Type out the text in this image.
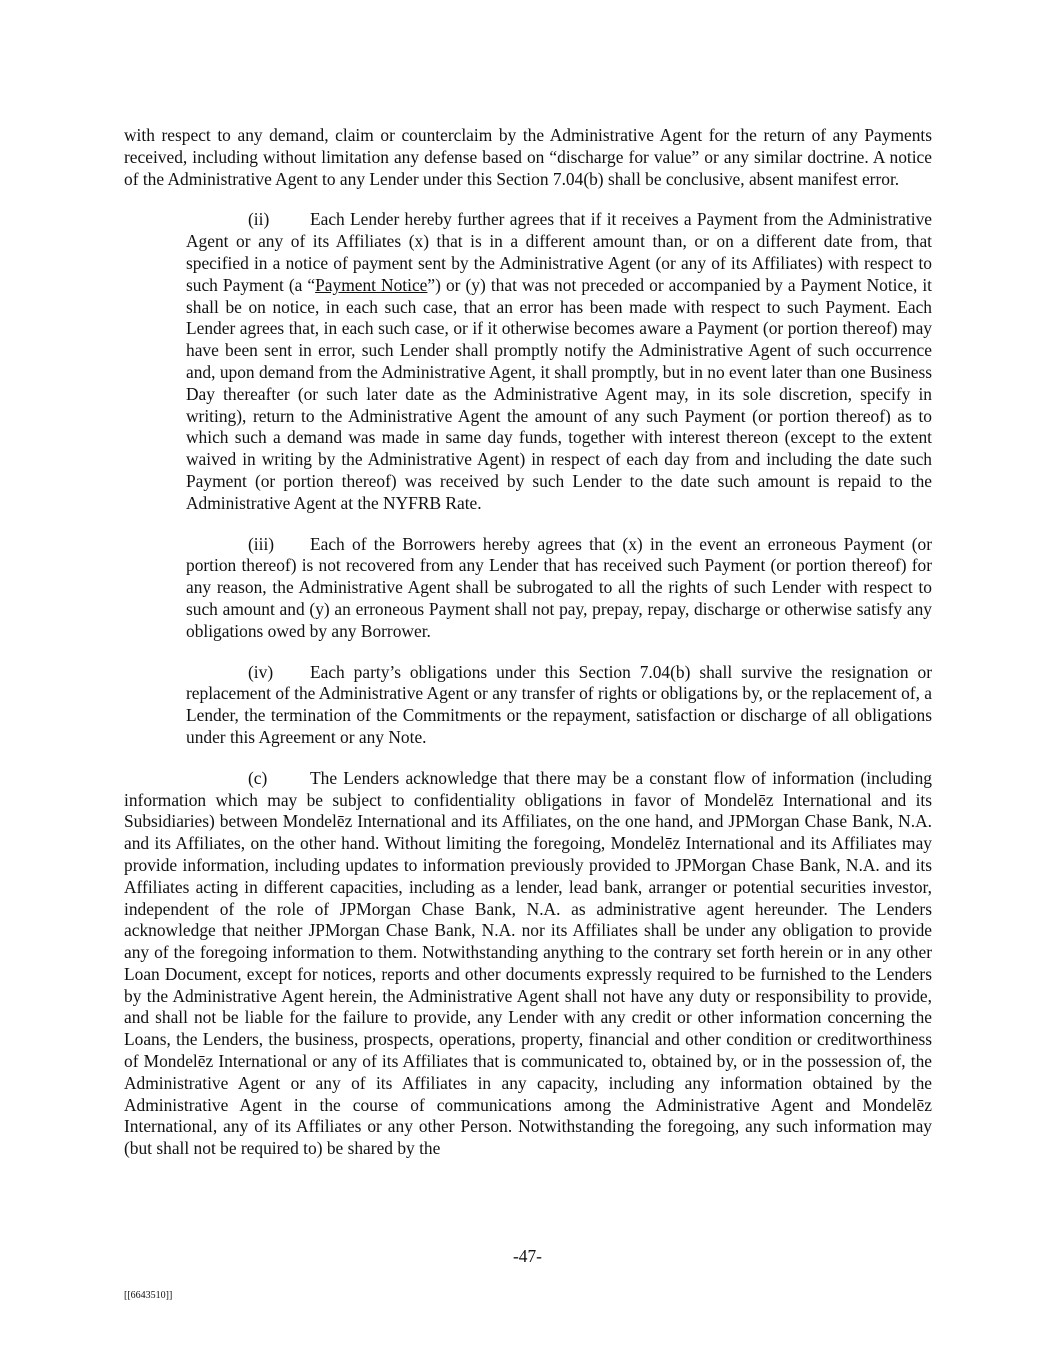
with respect to any demand, claim or counterclaim by the Administrative Agent for the return of any Payments received, including without limitation any defense based on “discharge for value” or any similar doctrine. A notice of the Administrative Agent to any Lender under this Section 7.04(b) shall be conclusive, absent manifest error.

(ii) Each Lender hereby further agrees that if it receives a Payment from the Administrative Agent or any of its Affiliates (x) that is in a different amount than, or on a different date from, that specified in a notice of payment sent by the Administrative Agent (or any of its Affiliates) with respect to such Payment (a “Payment Notice”) or (y) that was not preceded or accompanied by a Payment Notice, it shall be on notice, in each such case, that an error has been made with respect to such Payment. Each Lender agrees that, in each such case, or if it otherwise becomes aware a Payment (or portion thereof) may have been sent in error, such Lender shall promptly notify the Administrative Agent of such occurrence and, upon demand from the Administrative Agent, it shall promptly, but in no event later than one Business Day thereafter (or such later date as the Administrative Agent may, in its sole discretion, specify in writing), return to the Administrative Agent the amount of any such Payment (or portion thereof) as to which such a demand was made in same day funds, together with interest thereon (except to the extent waived in writing by the Administrative Agent) in respect of each day from and including the date such Payment (or portion thereof) was received by such Lender to the date such amount is repaid to the Administrative Agent at the NYFRB Rate.

(iii) Each of the Borrowers hereby agrees that (x) in the event an erroneous Payment (or portion thereof) is not recovered from any Lender that has received such Payment (or portion thereof) for any reason, the Administrative Agent shall be subrogated to all the rights of such Lender with respect to such amount and (y) an erroneous Payment shall not pay, prepay, repay, discharge or otherwise satisfy any obligations owed by any Borrower.

(iv) Each party’s obligations under this Section 7.04(b) shall survive the resignation or replacement of the Administrative Agent or any transfer of rights or obligations by, or the replacement of, a Lender, the termination of the Commitments or the repayment, satisfaction or discharge of all obligations under this Agreement or any Note.

(c) The Lenders acknowledge that there may be a constant flow of information (including information which may be subject to confidentiality obligations in favor of Mondelēz International and its Subsidiaries) between Mondelēz International and its Affiliates, on the one hand, and JPMorgan Chase Bank, N.A. and its Affiliates, on the other hand. Without limiting the foregoing, Mondelēz International and its Affiliates may provide information, including updates to information previously provided to JPMorgan Chase Bank, N.A. and its Affiliates acting in different capacities, including as a lender, lead bank, arranger or potential securities investor, independent of the role of JPMorgan Chase Bank, N.A. as administrative agent hereunder. The Lenders acknowledge that neither JPMorgan Chase Bank, N.A. nor its Affiliates shall be under any obligation to provide any of the foregoing information to them. Notwithstanding anything to the contrary set forth herein or in any other Loan Document, except for notices, reports and other documents expressly required to be furnished to the Lenders by the Administrative Agent herein, the Administrative Agent shall not have any duty or responsibility to provide, and shall not be liable for the failure to provide, any Lender with any credit or other information concerning the Loans, the Lenders, the business, prospects, operations, property, financial and other condition or creditworthiness of Mondelēz International or any of its Affiliates that is communicated to, obtained by, or in the possession of, the Administrative Agent or any of its Affiliates in any capacity, including any information obtained by the Administrative Agent in the course of communications among the Administrative Agent and Mondelēz International, any of its Affiliates or any other Person. Notwithstanding the foregoing, any such information may (but shall not be required to) be shared by the

-47-
[[6643510]]
